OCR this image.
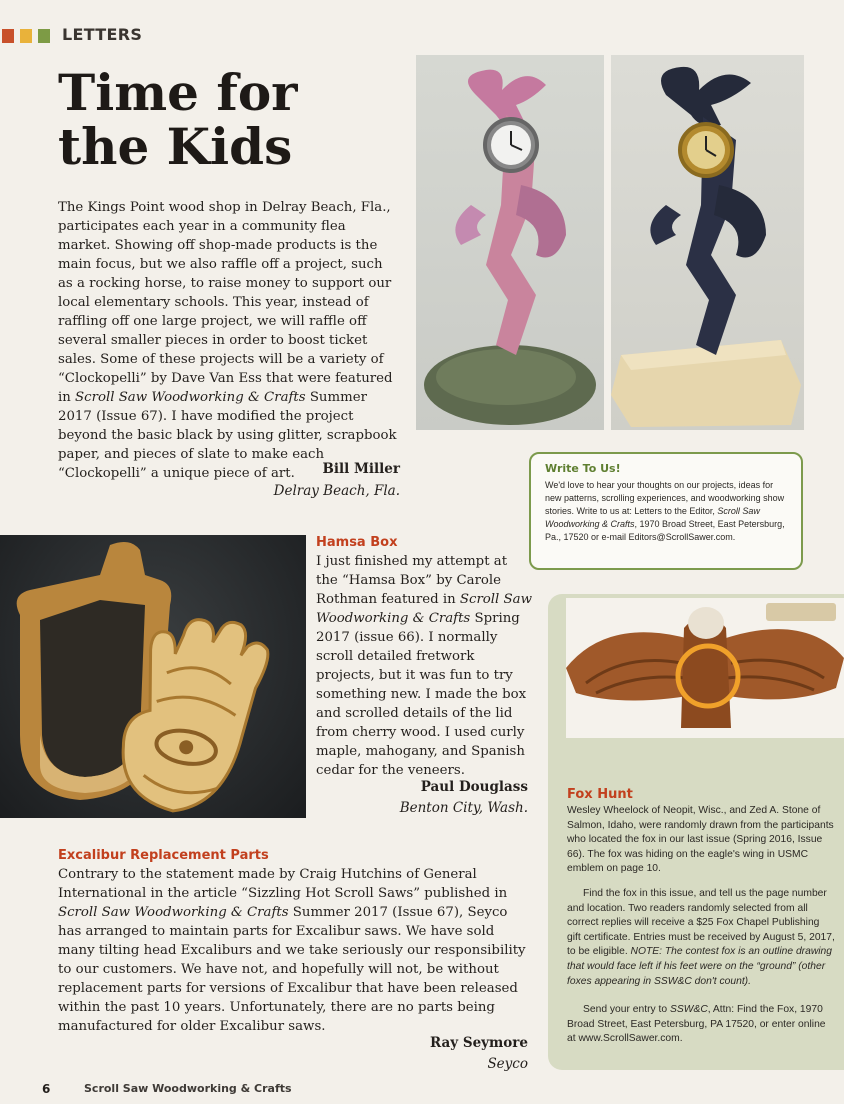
LETTERS
Time for the Kids
The Kings Point wood shop in Delray Beach, Fla., participates each year in a community flea market. Showing off shop-made products is the main focus, but we also raffle off a project, such as a rocking horse, to raise money to support our local elementary schools. This year, instead of raffling off one large project, we will raffle off several smaller pieces in order to boost ticket sales. Some of these projects will be a variety of “Clockopelli” by Dave Van Ess that were featured in Scroll Saw Woodworking & Crafts Summer 2017 (Issue 67). I have modified the project beyond the basic black by using glitter, scrapbook paper, and pieces of slate to make each “Clockopelli” a unique piece of art.	Bill Miller
Delray Beach, Fla.
Write To Us!
We'd love to hear your thoughts on our projects, ideas for new patterns, scrolling experiences, and woodworking show stories. Write to us at: Letters to the Editor, Scroll Saw Woodworking & Crafts, 1970 Broad Street, East Petersburg, Pa., 17520 or e-mail Editors@ScrollSawer.com.
Hamsa Box
I just finished my attempt at the “Hamsa Box” by Carole Rothman featured in Scroll Saw Woodworking & Crafts Spring 2017 (issue 66). I normally scroll detailed fretwork projects, but it was fun to try something new. I made the box and scrolled details of the lid from cherry wood. I used curly maple, mahogany, and Spanish cedar for the veneers.
Paul Douglass
Benton City, Wash.
Excalibur Replacement Parts
Contrary to the statement made by Craig Hutchins of General International in the article “Sizzling Hot Scroll Saws” published in Scroll Saw Woodworking & Crafts Summer 2017 (Issue 67), Seyco has arranged to maintain parts for Excalibur saws. We have sold many tilting head Excaliburs and we take seriously our responsibility to our customers. We have not, and hopefully will not, be without replacement parts for versions of Excalibur that have been released within the past 10 years. Unfortunately, there are no parts being manufactured for older Excalibur saws.
Ray Seymore
Seyco
Fox Hunt
Wesley Wheelock of Neopit, Wisc., and Zed A. Stone of Salmon, Idaho, were randomly drawn from the participants who located the fox in our last issue (Spring 2016, Issue 66). The fox was hiding on the eagle's wing in USMC emblem on page 10.
Find the fox in this issue, and tell us the page number and location. Two readers randomly selected from all correct replies will receive a $25 Fox Chapel Publishing gift certificate. Entries must be received by August 5, 2017, to be eligible. NOTE: The contest fox is an outline drawing that would face left if his feet were on the “ground” (other foxes appearing in SSW&C don't count).
Send your entry to SSW&C, Attn: Find the Fox, 1970 Broad Street, East Petersburg, PA 17520, or enter online at www.ScrollSawer.com.
6	Scroll Saw Woodworking & Crafts
